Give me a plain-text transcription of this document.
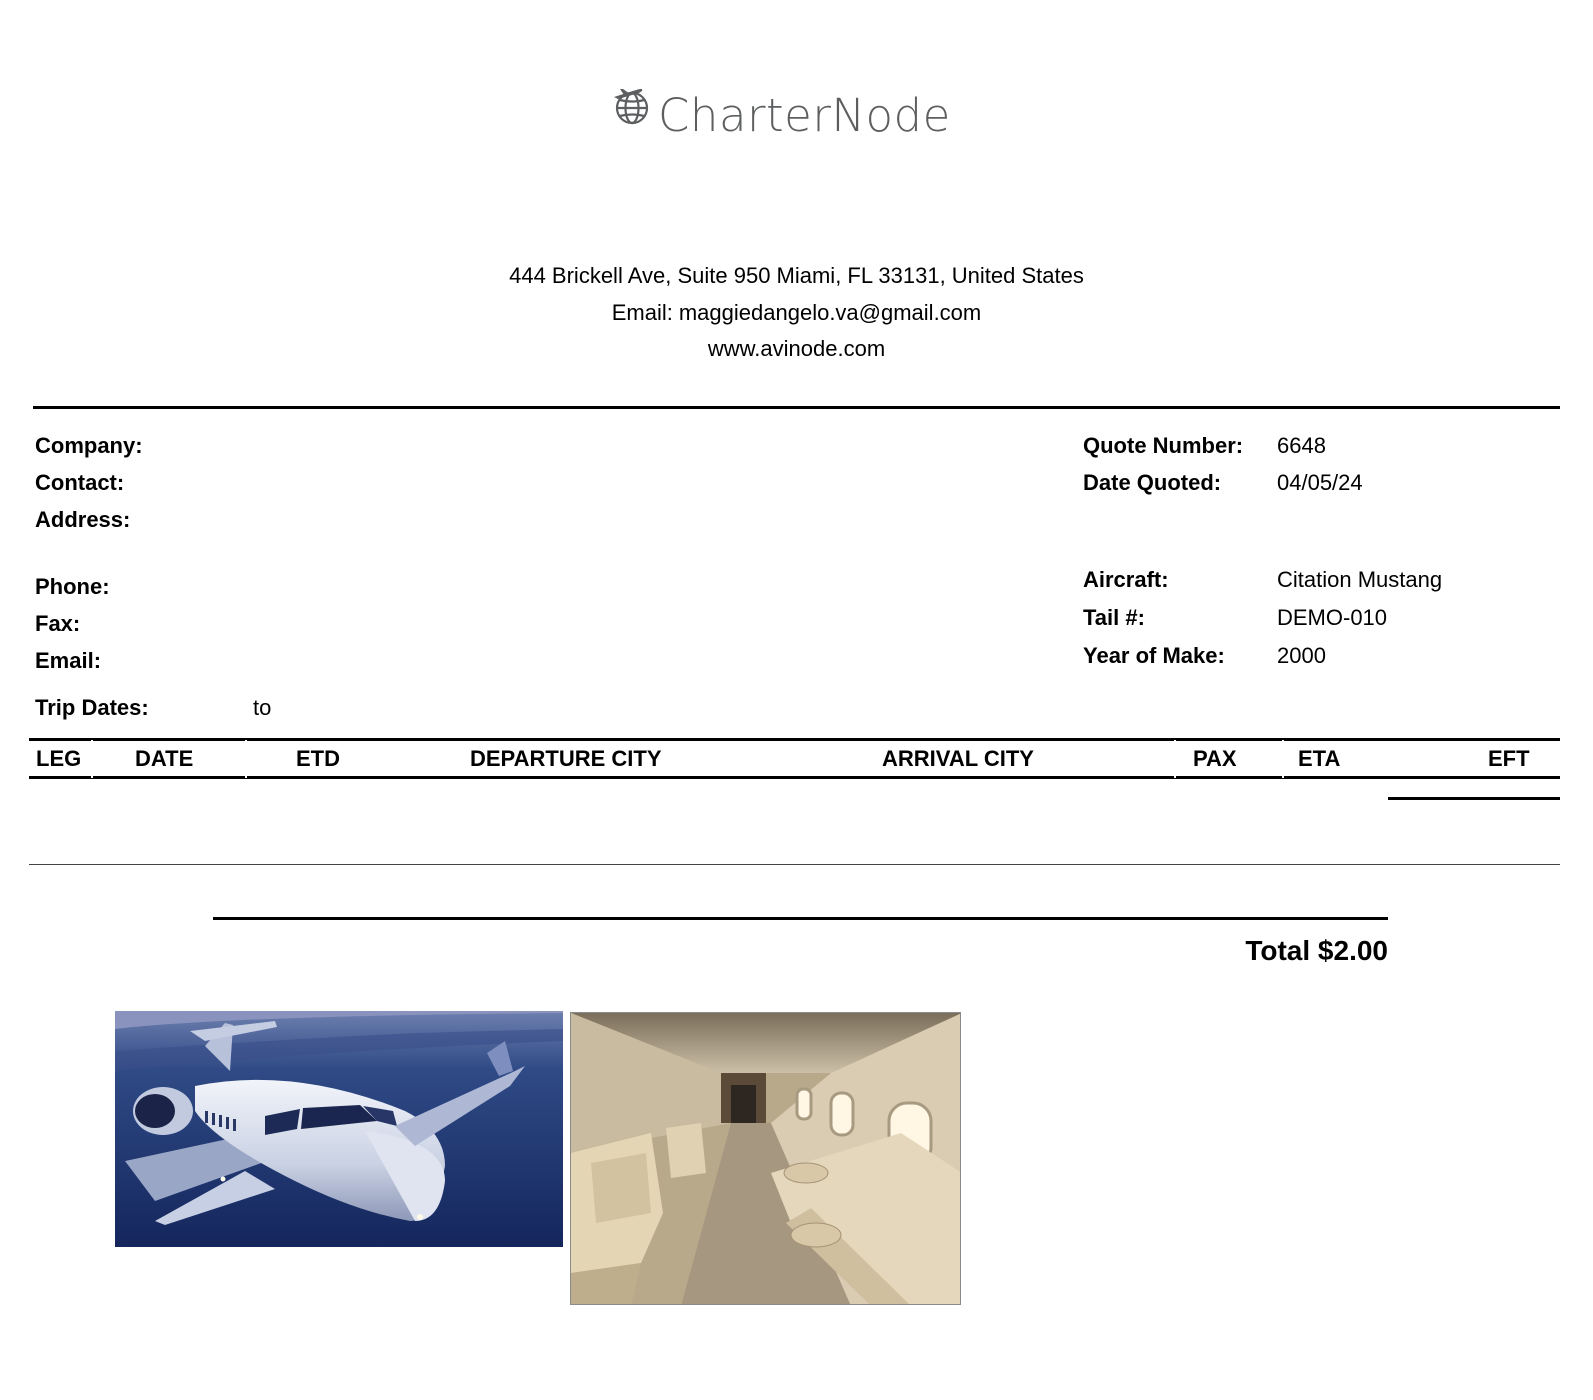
CharterNode
444 Brickell Ave, Suite 950 Miami, FL 33131, United States
Email: maggiedangelo.va@gmail.com
www.avinode.com
Company:
Contact:
Address:
Phone:
Fax:
Email:
Trip Dates:	to
Quote Number: 6648
Date Quoted:	04/05/24
Aircraft:	Citation Mustang
Tail #:	DEMO-010
Year of Make: 2000
LEG DATE	ETD	DEPARTURE CITY	ARRIVAL CITY	PAX	ETA	EFT
Total $2.00
